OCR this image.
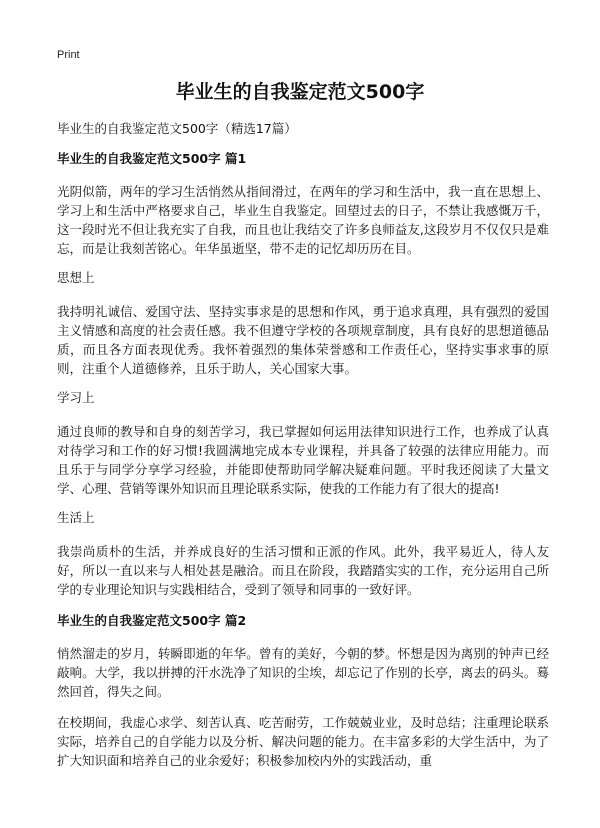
Print
毕业生的自我鉴定范文500字

毕业生的自我鉴定范文500字（精选17篇）

毕业生的自我鉴定范文500字 篇1

光阴似箭，两年的学习生活悄然从指间滑过，在两年的学习和生活中，我一直在思想上、学习上和生活中严格要求自己，毕业生自我鉴定。回望过去的日子，不禁让我感慨万千，这一段时光不但让我充实了自我，而且也让我结交了许多良师益友,这段岁月不仅仅只是难忘，而是让我刻苦铭心。年华虽逝坚，带不走的记忆却历历在目。

思想上

我持明礼诚信、爱国守法、坚持实事求是的思想和作风，勇于追求真理，具有强烈的爱国主义情感和高度的社会责任感。我不但遵守学校的各项规章制度，具有良好的思想道德品质，而且各方面表现优秀。我怀着强烈的集体荣誉感和工作责任心，坚持实事求事的原则，注重个人道德修养，且乐于助人，关心国家大事。

学习上

通过良师的教导和自身的刻苦学习，我已掌握如何运用法律知识进行工作，也养成了认真对待学习和工作的好习惯!我圆满地完成本专业课程，并具备了较强的法律应用能力。而且乐于与同学分享学习经验，并能即使帮助同学解决疑难问题。平时我还阅读了大量文学、心理、营销等课外知识而且理论联系实际，使我的工作能力有了很大的提高!

生活上

我崇尚质朴的生活，并养成良好的生活习惯和正派的作风。此外，我平易近人，待人友好，所以一直以来与人相处甚是融洽。而且在阶段，我踏踏实实的工作，充分运用自己所学的专业理论知识与实践相结合，受到了领导和同事的一致好评。

毕业生的自我鉴定范文500字 篇2

悄然溜走的岁月，转瞬即逝的年华。曾有的美好，今朝的梦。怀想是因为离别的钟声已经敲响。大学，我以拼搏的汗水洗净了知识的尘埃，却忘记了作别的长亭，离去的码头。蓦然回首，得失之间。

在校期间，我虚心求学、刻苦认真、吃苦耐劳，工作兢兢业业，及时总结；注重理论联系实际，培养自己的自学能力以及分析、解决问题的能力。在丰富多彩的大学生活中，为了扩大知识面和培养自己的业余爱好；积极参加校内外的实践活动，重
